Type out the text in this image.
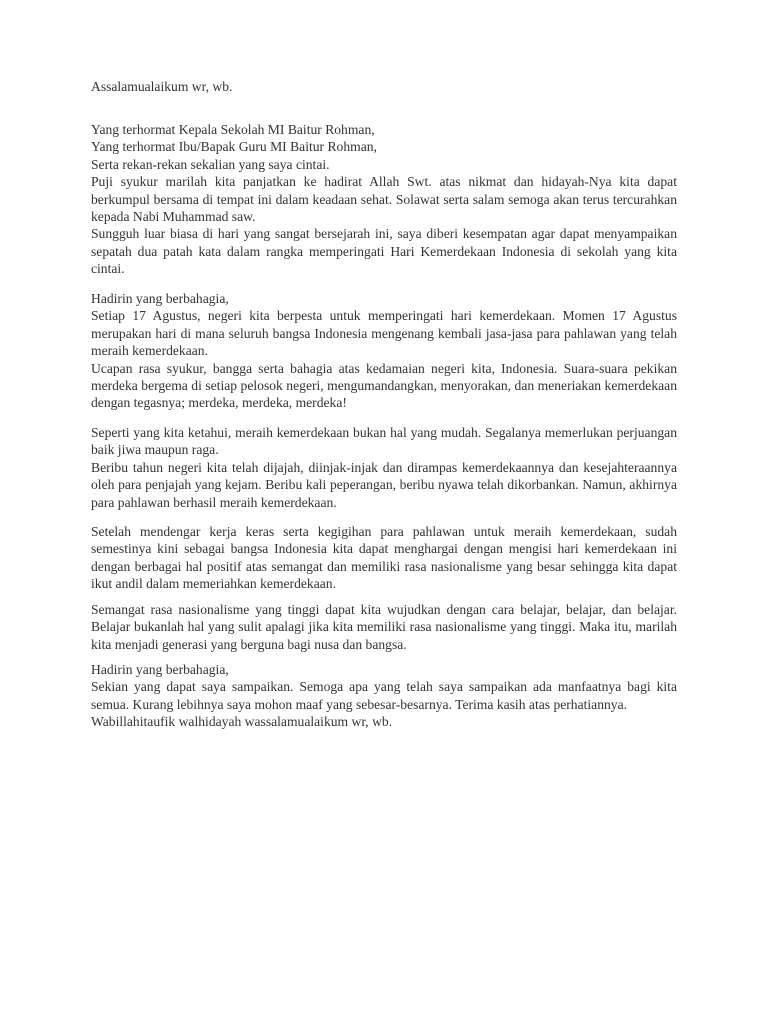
Assalamualaikum wr, wb.
Yang terhormat Kepala Sekolah MI Baitur Rohman,
Yang terhormat Ibu/Bapak Guru MI Baitur Rohman,
Serta rekan-rekan sekalian yang saya cintai.

Puji syukur marilah kita panjatkan ke hadirat Allah Swt. atas nikmat dan hidayah-Nya kita dapat berkumpul bersama di tempat ini dalam keadaan sehat. Solawat serta salam semoga akan terus tercurahkan kepada Nabi Muhammad saw.

Sungguh luar biasa di hari yang sangat bersejarah ini, saya diberi kesempatan agar dapat menyampaikan sepatah dua patah kata dalam rangka memperingati Hari Kemerdekaan Indonesia di sekolah yang kita cintai.

Hadirin yang berbahagia,

Setiap 17 Agustus, negeri kita berpesta untuk memperingati hari kemerdekaan. Momen 17 Agustus merupakan hari di mana seluruh bangsa Indonesia mengenang kembali jasa-jasa para pahlawan yang telah meraih kemerdekaan.

Ucapan rasa syukur, bangga serta bahagia atas kedamaian negeri kita, Indonesia. Suara-suara pekikan merdeka bergema di setiap pelosok negeri, mengumandangkan, menyorakan, dan meneriakan kemerdekaan dengan tegasnya; merdeka, merdeka, merdeka!

Seperti yang kita ketahui, meraih kemerdekaan bukan hal yang mudah. Segalanya memerlukan perjuangan baik jiwa maupun raga.

Beribu tahun negeri kita telah dijajah, diinjak-injak dan dirampas kemerdekaannya dan kesejahteraannya oleh para penjajah yang kejam. Beribu kali peperangan, beribu nyawa telah dikorbankan. Namun, akhirnya para pahlawan berhasil meraih kemerdekaan.

Setelah mendengar kerja keras serta kegigihan para pahlawan untuk meraih kemerdekaan, sudah semestinya kini sebagai bangsa Indonesia kita dapat menghargai dengan mengisi hari kemerdekaan ini dengan berbagai hal positif atas semangat dan memiliki rasa nasionalisme yang besar sehingga kita dapat ikut andil dalam memeriahkan kemerdekaan.

Semangat rasa nasionalisme yang tinggi dapat kita wujudkan dengan cara belajar, belajar, dan belajar. Belajar bukanlah hal yang sulit apalagi jika kita memiliki rasa nasionalisme yang tinggi. Maka itu, marilah kita menjadi generasi yang berguna bagi nusa dan bangsa.

Hadirin yang berbahagia,

Sekian yang dapat saya sampaikan. Semoga apa yang telah saya sampaikan ada manfaatnya bagi kita semua. Kurang lebihnya saya mohon maaf yang sebesar-besarnya. Terima kasih atas perhatiannya.

Wabillahitaufik walhidayah wassalamualaikum wr, wb.
